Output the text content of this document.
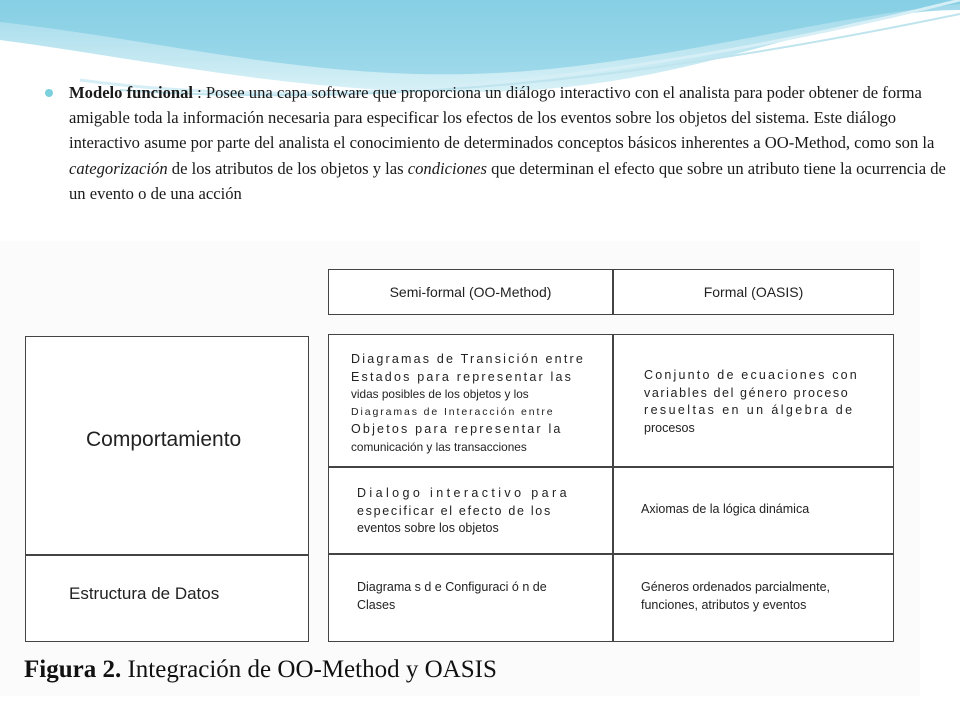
Modelo funcional : Posee una capa software que proporciona un diálogo interactivo con el analista para poder obtener de forma amigable toda la información necesaria para especificar los efectos de los eventos sobre los objetos del sistema. Este diálogo interactivo asume por parte del analista el conocimiento de determinados conceptos básicos inherentes a OO-Method, como son la categorización de los atributos de los objetos y las condiciones que determinan el efecto que sobre un atributo tiene la ocurrencia de un evento o de una acción
Semi-formal (OO-Method)	Formal (OASIS)
Comportamiento
Estructura de Datos
Diagramas de Transición entre
Estados para representar las
vidas posibles de los objetos y los
Diagramas de Interacción entre
Objetos para representar la
comunicación y las transacciones
Conjunto de ecuaciones con
variables del género proceso
resueltas en un álgebra de
procesos
Dialogo interactivo para
especificar el efecto de los
eventos sobre los objetos
Axiomas de la lógica dinámica
Diagrama s d e Configuraci ó n de
Clases
Géneros ordenados parcialmente,
funciones, atributos y eventos
Figura 2. Integración de OO-Method y OASIS
